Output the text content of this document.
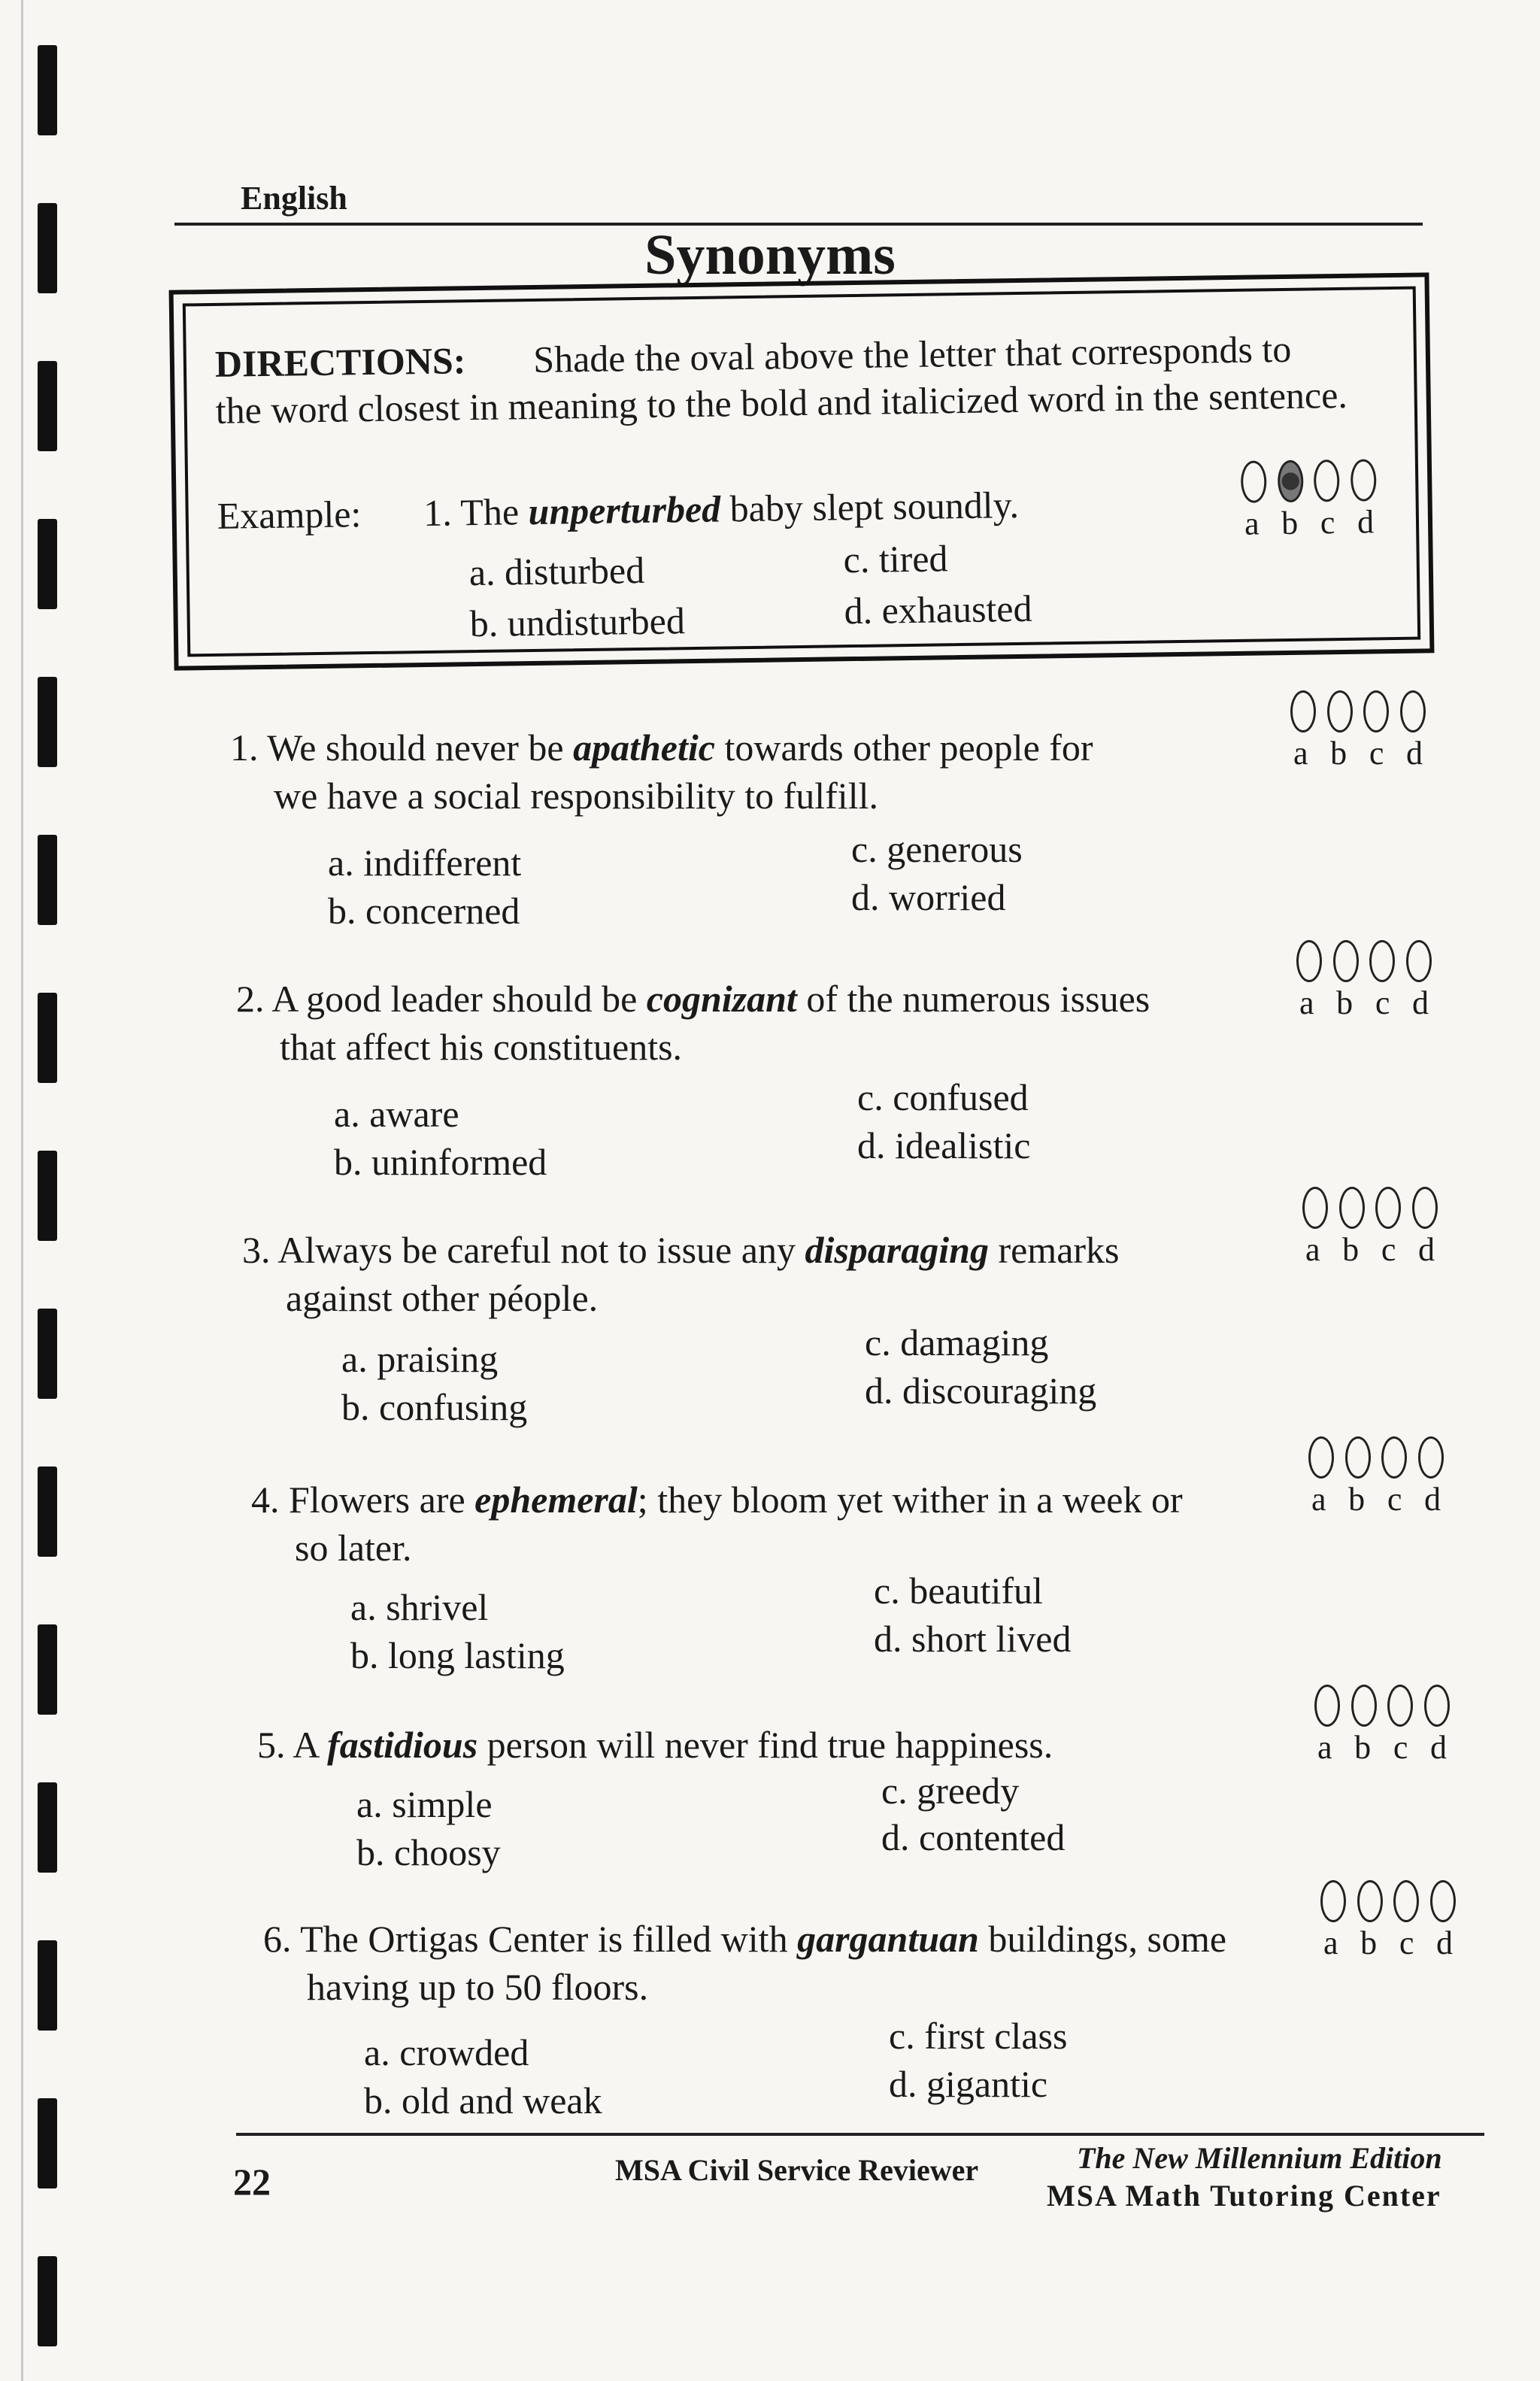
English
Synonyms
DIRECTIONS: Shade the oval above the letter that corresponds to
the word closest in meaning to the bold and italicized word in the sentence.
Example: 1. The unperturbed baby slept soundly.
a. disturbed
b. undisturbed
c. tired
d. exhausted
a b c d
1. We should never be apathetic towards other people for
we have a social responsibility to fulfill.
a. indifferent
b. concerned
c. generous
d. worried
a b c d
2. A good leader should be cognizant of the numerous issues
that affect his constituents.
a. aware
b. uninformed
c. confused
d. idealistic
a b c d
3. Always be careful not to issue any disparaging remarks
against other péople.
a. praising
b. confusing
c. damaging
d. discouraging
a b c d
4. Flowers are ephemeral; they bloom yet wither in a week or
so later.
a. shrivel
b. long lasting
c. beautiful
d. short lived
a b c d
5. A fastidious person will never find true happiness.
a. simple
b. choosy
c. greedy
d. contented
a b c d
6. The Ortigas Center is filled with gargantuan buildings, some
having up to 50 floors.
a. crowded
b. old and weak
c. first class
d. gigantic
a b c d
22	MSA Civil Service Reviewer	The New Millennium Edition
MSA Math Tutoring Center
